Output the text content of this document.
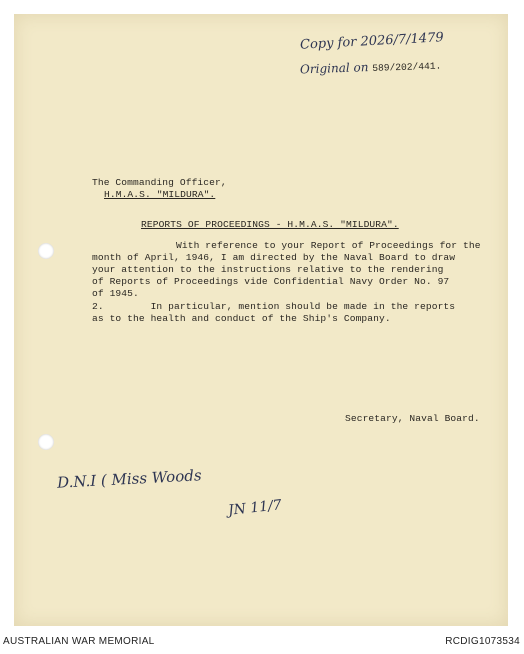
Copy for 2026/7/1479
Original on 589/202/441.
The Commanding Officer,
H.M.A.S. "MILDURA".
REPORTS OF PROCEEDINGS - H.M.A.S. "MILDURA".
With reference to your Report of Proceedings for the
month of April, 1946, I am directed by the Naval Board to draw
your attention to the instructions relative to the rendering
of Reports of Proceedings vide Confidential Navy Order No. 97
of 1945.
2.        In particular, mention should be made in the reports
as to the health and conduct of the Ship's Company.
Secretary, Naval Board.
D.N.I ( Miss Woods
JN 11/7
AUSTRALIAN WAR MEMORIAL	RCDIG1073534
